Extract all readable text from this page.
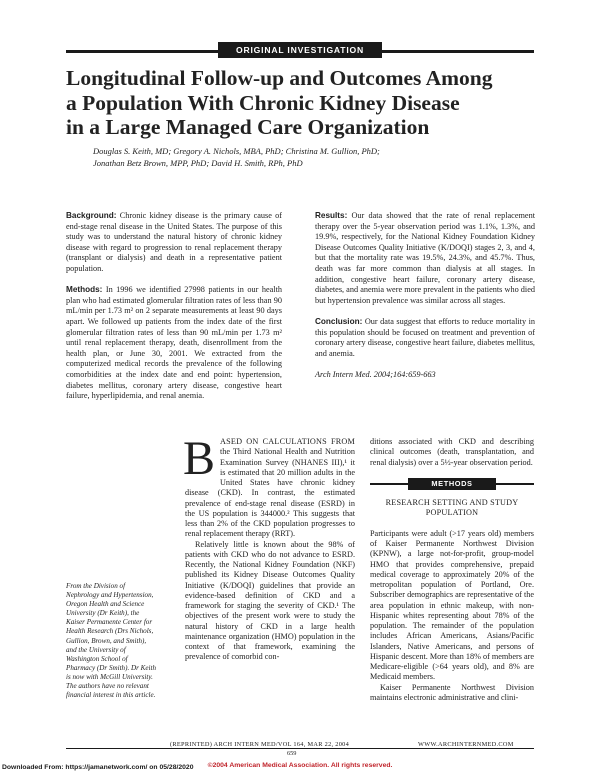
ORIGINAL INVESTIGATION
Longitudinal Follow-up and Outcomes Among
a Population With Chronic Kidney Disease
in a Large Managed Care Organization
Douglas S. Keith, MD; Gregory A. Nichols, MBA, PhD; Christina M. Gullion, PhD;
Jonathan Betz Brown, MPP, PhD; David H. Smith, RPh, PhD

Background: Chronic kidney disease is the primary cause of end-stage renal disease in the United States. The purpose of this study was to understand the natural history of chronic kidney disease with regard to progression to renal replacement therapy (transplant or dialysis) and death in a representative patient population.

Methods: In 1996 we identified 27998 patients in our health plan who had estimated glomerular filtration rates of less than 90 mL/min per 1.73 m² on 2 separate measurements at least 90 days apart. We followed up patients from the index date of the first glomerular filtration rates of less than 90 mL/min per 1.73 m² until renal replacement therapy, death, disenrollment from the health plan, or June 30, 2001. We extracted from the computerized medical records the prevalence of the following comorbidities at the index date and end point: hypertension, diabetes mellitus, coronary artery disease, congestive heart failure, hyperlipidemia, and renal anemia.

Results: Our data showed that the rate of renal replacement therapy over the 5-year observation period was 1.1%, 1.3%, and 19.9%, respectively, for the National Kidney Foundation Kidney Disease Outcomes Quality Initiative (K/DOQI) stages 2, 3, and 4, but that the mortality rate was 19.5%, 24.3%, and 45.7%. Thus, death was far more common than dialysis at all stages. In addition, congestive heart failure, coronary artery disease, diabetes, and anemia were more prevalent in the patients who died but hypertension prevalence was similar across all stages.

Conclusion: Our data suggest that efforts to reduce mortality in this population should be focused on treatment and prevention of coronary artery disease, congestive heart failure, diabetes mellitus, and anemia.

Arch Intern Med. 2004;164:659-663

From the Division of
Nephrology and Hypertension,
Oregon Health and Science
University (Dr Keith), the
Kaiser Permanente Center for
Health Research (Drs Nichols,
Gullion, Brown, and Smith),
and the University of
Washington School of
Pharmacy (Dr Smith). Dr Keith
is now with McGill University.
The authors have no relevant
financial interest in this article.

BASED ON CALCULATIONS FROM the Third National Health and Nutrition Examination Survey (NHANES III),¹ it is estimated that 20 million adults in the United States have chronic kidney disease (CKD). In contrast, the estimated prevalence of end-stage renal disease (ESRD) in the US population is 344000.² This suggests that less than 2% of the CKD population progresses to renal replacement therapy (RRT).

Relatively little is known about the 98% of patients with CKD who do not advance to ESRD. Recently, the National Kidney Foundation (NKF) published its Kidney Disease Outcomes Quality Initiative (K/DOQI) guidelines that provide an evidence-based definition of CKD and a framework for staging the severity of CKD.¹ The objectives of the present work were to study the natural history of CKD in a large health maintenance organization (HMO) population in the context of that framework, examining the prevalence of comorbid con-

ditions associated with CKD and describing clinical outcomes (death, transplantation, and renal dialysis) over a 5½-year observation period.

METHODS
RESEARCH SETTING AND STUDY POPULATION

Participants were adult (>17 years old) members of Kaiser Permanente Northwest Division (KPNW), a large not-for-profit, group-model HMO that provides comprehensive, prepaid medical coverage to approximately 20% of the metropolitan population of Portland, Ore. Subscriber demographics are representative of the area population in ethnic makeup, with non-Hispanic whites representing about 78% of the population. The remainder of the population includes African Americans, Asians/Pacific Islanders, Native Americans, and persons of Hispanic descent. More than 18% of members are Medicare-eligible (>64 years old), and 8% are Medicaid members.

Kaiser Permanente Northwest Division maintains electronic administrative and clini-

(REPRINTED) ARCH INTERN MED/VOL 164, MAR 22, 2004	WWW.ARCHINTERNMED.COM
659
©2004 American Medical Association. All rights reserved.
Downloaded From: https://jamanetwork.com/ on 05/28/2020
